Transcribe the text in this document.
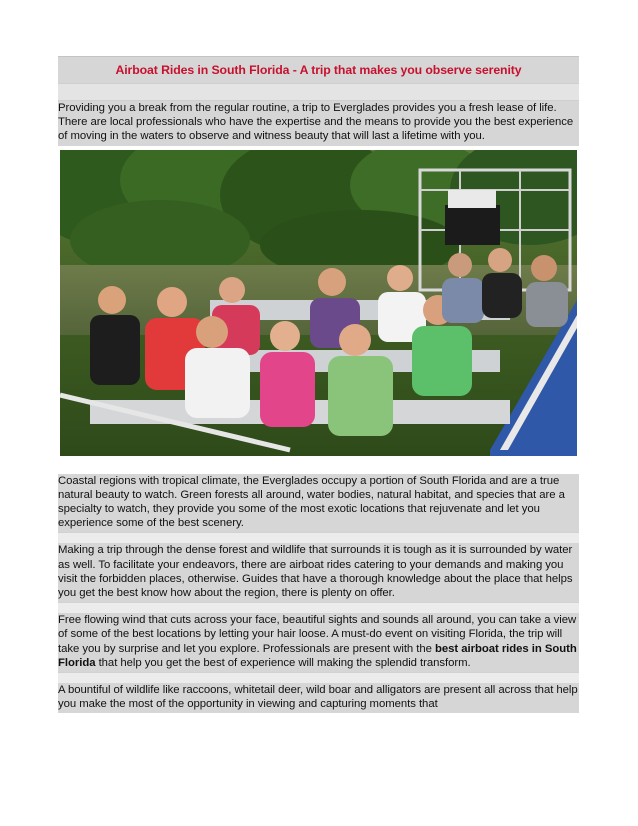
Airboat Rides in South Florida - A trip that makes you observe serenity
Providing you a break from the regular routine, a trip to Everglades provides you a fresh lease of life. There are local professionals who have the expertise and the means to provide you the best experience of moving in the waters to observe and witness beauty that will last a lifetime with you.
Coastal regions with tropical climate, the Everglades occupy a portion of South Florida and are a true natural beauty to watch. Green forests all around, water bodies, natural habitat, and species that are a specialty to watch, they provide you some of the most exotic locations that rejuvenate and let you experience some of the best scenery.
Making a trip through the dense forest and wildlife that surrounds it is tough as it is surrounded by water as well. To facilitate your endeavors, there are airboat rides catering to your demands and making you visit the forbidden places, otherwise. Guides that have a thorough knowledge about the place that helps you get the best know how about the region, there is plenty on offer.
Free flowing wind that cuts across your face, beautiful sights and sounds all around, you can take a view of some of the best locations by letting your hair loose. A must-do event on visiting Florida, the trip will take you by surprise and let you explore. Professionals are present with the best airboat rides in South Florida that help you get the best of experience will making the splendid transform.
A bountiful of wildlife like raccoons, whitetail deer, wild boar and alligators are present all across that help you make the most of the opportunity in viewing and capturing moments that
